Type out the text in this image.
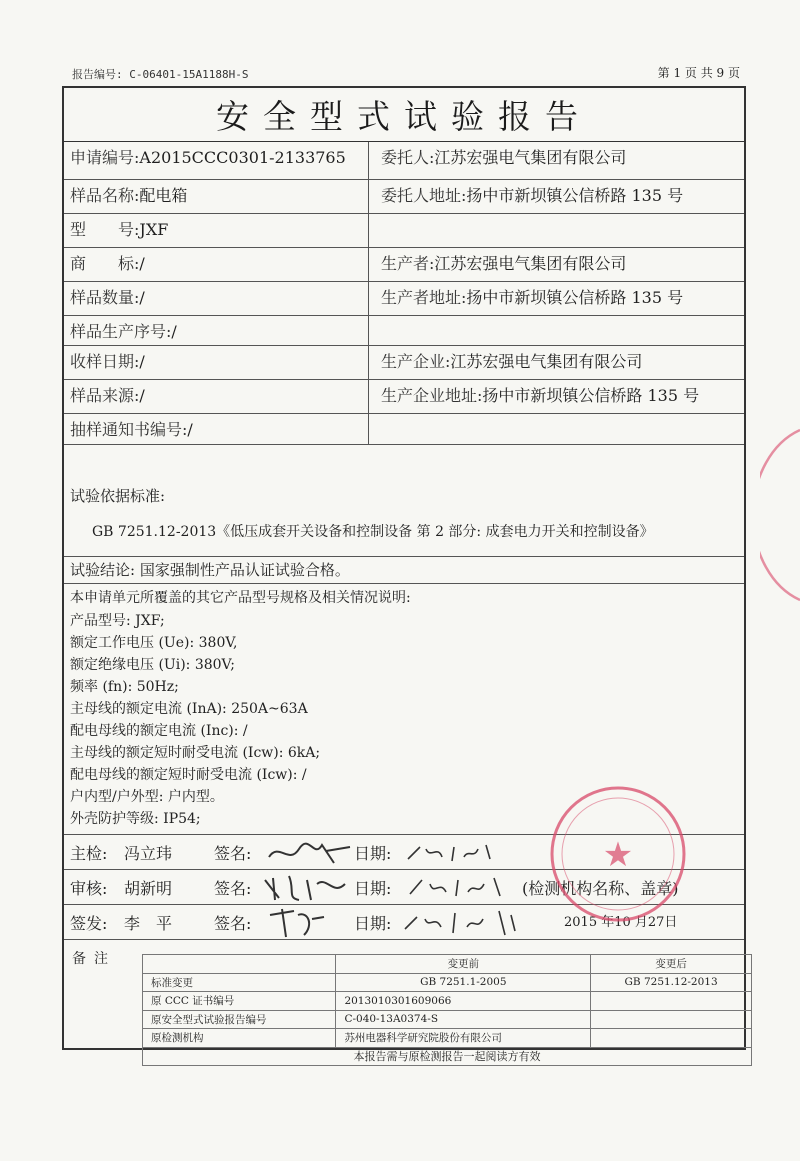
报告编号: C-06401-15A1188H-S	第 1 页 共 9 页
安全型式试验报告
申请编号:A2015CCC0301-2133765	委托人:江苏宏强电气集团有限公司
样品名称:配电箱	委托人地址:扬中市新坝镇公信桥路 135 号
型　　号:JXF
商　　标:/	生产者:江苏宏强电气集团有限公司
样品数量:/	生产者地址:扬中市新坝镇公信桥路 135 号
样品生产序号:/
收样日期:/	生产企业:江苏宏强电气集团有限公司
样品来源:/	生产企业地址:扬中市新坝镇公信桥路 135 号
抽样通知书编号:/
试验依据标准:
GB 7251.12-2013《低压成套开关设备和控制设备 第 2 部分: 成套电力开关和控制设备》
试验结论: 国家强制性产品认证试验合格。
本申请单元所覆盖的其它产品型号规格及相关情况说明:
产品型号: JXF;
额定工作电压 (Ue): 380V,
额定绝缘电压 (Ui): 380V;
频率 (fn): 50Hz;
主母线的额定电流 (InA): 250A~63A
配电母线的额定电流 (Inc): /
主母线的额定短时耐受电流 (Icw): 6kA;
配电母线的额定短时耐受电流 (Icw): /
户内型/户外型: 户内型。
外壳防护等级: IP54;
主检: 冯立玮	签名:	日期:
审核: 胡新明	签名:	日期:	(检测机构名称、盖章)
签发: 李　平	签名:	日期:	2015 年10 月27日
备注
		变更前	变更后
标准变更	GB 7251.1-2005	GB 7251.12-2013
原 CCC 证书编号	2013010301609066	
原安全型式试验报告编号	C-040-13A0374-S	
原检测机构	苏州电器科学研究院股份有限公司	
本报告需与原检测报告一起阅读方有效		
★
